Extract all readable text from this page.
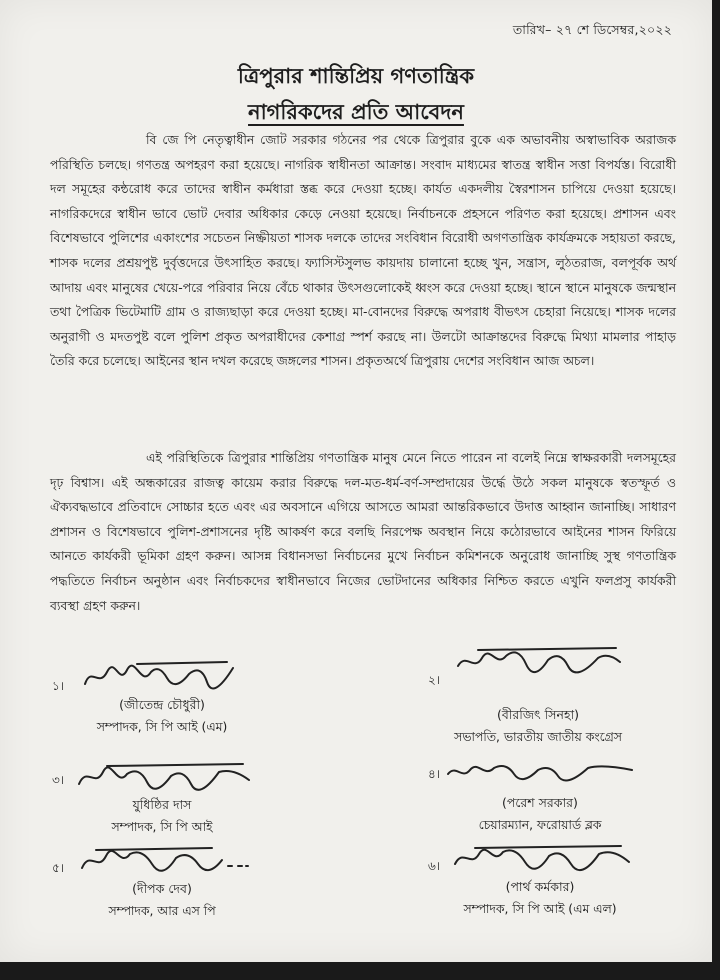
তারিখ– ২৭ শে ডিসেম্বর,২০২২
ত্রিপুরার শান্তিপ্রিয় গণতান্ত্রিক
নাগরিকদের প্রতি আবেদন

বি জে পি নেতৃত্বাধীন জোট সরকার গঠনের পর থেকে ত্রিপুরার বুকে এক অভাবনীয় অস্বাভাবিক অরাজক পরিস্থিতি চলছে। গণতন্ত্র অপহরণ করা হয়েছে। নাগরিক স্বাধীনতা আক্রান্ত। সংবাদ মাধ্যমের স্বাতন্ত্র স্বাধীন সত্তা বিপর্যস্ত। বিরোধী দল সমূহের কন্ঠরোধ করে তাদের স্বাধীন কর্মধারা স্তব্ধ করে দেওয়া হচ্ছে। কার্যত একদলীয় স্বৈরশাসন চাপিয়ে দেওয়া হয়েছে। নাগরিকদেরে স্বাধীন ভাবে ভোট দেবার অধিকার কেড়ে নেওয়া হয়েছে। নির্বাচনকে প্রহসনে পরিণত করা হয়েছে। প্রশাসন এবং বিশেষভাবে পুলিশের একাংশের সচেতন নিষ্ক্রীয়তা শাসক দলকে তাদের সংবিধান বিরোধী অগণতান্ত্রিক কার্যক্রমকে সহায়তা করছে, শাসক দলের প্রশ্রয়পুষ্ট দুর্বৃত্তদেরে উৎসাহিত করছে। ফ্যাসিস্টসুলভ কায়দায় চালানো হচ্ছে খুন, সন্ত্রাস, লুঠতরাজ, বলপূর্বক অর্থ আদায় এবং মানুষের খেয়ে-পরে পরিবার নিয়ে বেঁচে থাকার উৎসগুলোকেই ধ্বংস করে দেওয়া হচ্ছে। স্থানে স্থানে মানুষকে জন্মস্থান তথা পৈত্রিক ভিটেমাটি গ্রাম ও রাজ্যছাড়া করে দেওয়া হচ্ছে। মা-বোনদের বিরুদ্ধে অপরাধ বীভৎস চেহারা নিয়েছে। শাসক দলের অনুরাগী ও মদতপুষ্ট বলে পুলিশ প্রকৃত অপরাধীদের কেশাগ্র স্পর্শ করছে না। উলটো আক্রান্তদের বিরুদ্ধে মিথ্যা মামলার পাহাড় তৈরি করে চলেছে। আইনের স্থান দখল করেছে জঙ্গলের শাসন। প্রকৃতঅর্থে ত্রিপুরায় দেশের সংবিধান আজ অচল।

এই পরিস্থিতিকে ত্রিপুরার শান্তিপ্রিয় গণতান্ত্রিক মানুষ মেনে নিতে পারেন না বলেই নিম্নে স্বাক্ষরকারী দলসমূহের দৃঢ় বিশ্বাস। এই অন্ধকারের রাজত্ব কায়েম করার বিরুদ্ধে দল-মত-ধর্ম-বর্ণ-সম্প্রদায়ের উর্দ্ধে উঠে সকল মানুষকে স্বতস্ফূর্ত ও ঐক্যবদ্ধভাবে প্রতিবাদে সোচ্চার হতে এবং এর অবসানে এগিয়ে আসতে আমরা আন্তরিকভাবে উদাত্ত আহ্বান জানাচ্ছি। সাধারণ প্রশাসন ও বিশেষভাবে পুলিশ-প্রশাসনের দৃষ্টি আকর্ষণ করে বলছি নিরপেক্ষ অবস্থান নিয়ে কঠোরভাবে আইনের শাসন ফিরিয়ে আনতে কার্যকরী ভূমিকা গ্রহণ করুন। আসন্ন বিধানসভা নির্বাচনের মুখে নির্বাচন কমিশনকে অনুরোধ জানাচ্ছি সুস্থ গণতান্ত্রিক পদ্ধতিতে নির্বাচন অনুষ্ঠান এবং নির্বাচকদের স্বাধীনভাবে নিজের ভোটদানের অধিকার নিশ্চিত করতে এখুনি ফলপ্রসু কার্যকরী ব্যবস্থা গ্রহণ করুন।

১।
(জীতেন্দ্র চৌধুরী)
সম্পাদক, সি পি আই (এম)
২।
(বীরজিৎ সিনহা)
সভাপতি, ভারতীয় জাতীয় কংগ্রেস
৩।
যুধিষ্ঠির দাস
সম্পাদক, সি পি আই
৪।
(পরেশ সরকার)
চেয়ারম্যান, ফরোয়ার্ড ব্লক
৫।
(দীপক দেব)
সম্পাদক, আর এস পি
৬।
(পার্থ কর্মকার)
সম্পাদক, সি পি আই (এম এল)
